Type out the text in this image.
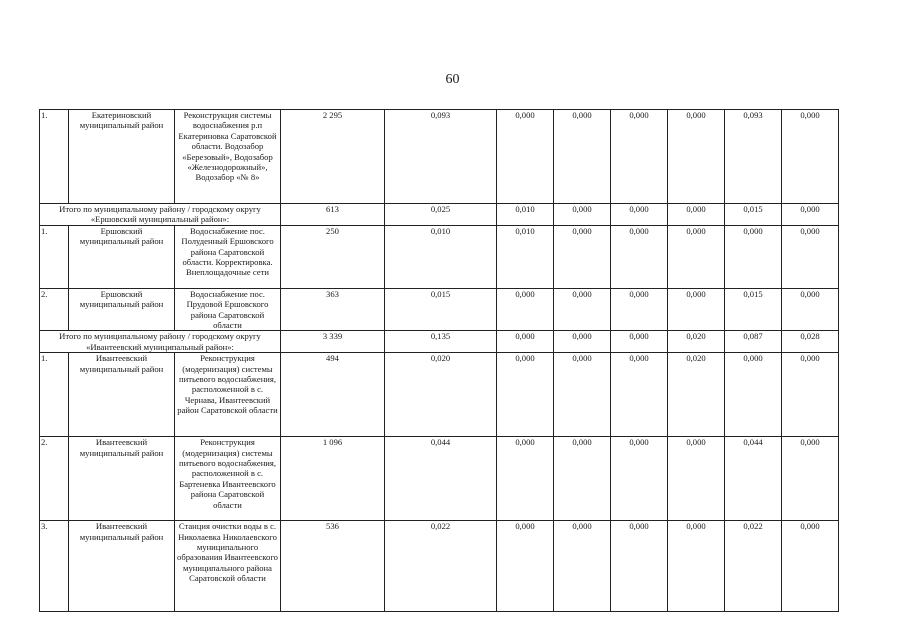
60
1.	Екатериновский муниципальный район	Реконструкция системы водоснабжения р.п Екатериновка Саратовской области. Водозабор «Березовый», Водозабор «Железнодорожный», Водозабор «№ 8»	2 295	0,093	0,000	0,000	0,000	0,000	0,093	0,000
Итого по муниципальному району / городскому округу «Ершовский муниципальный район»:			613	0,025	0,010	0,000	0,000	0,000	0,015	0,000
1.	Ершовский муниципальный район	Водоснабжение пос. Полуденный Ершовского района Саратовской области. Корректировка. Внеплощадочные сети	250	0,010	0,010	0,000	0,000	0,000	0,000	0,000
2.	Ершовский муниципальный район	Водоснабжение пос. Прудовой Ершовского района Саратовской области	363	0,015	0,000	0,000	0,000	0,000	0,015	0,000
Итого по муниципальному району / городскому округу «Ивантеевский муниципальный район»:			3 339	0,135	0,000	0,000	0,000	0,020	0,087	0,028
1.	Ивантеевский муниципальный район	Реконструкция (модернизация) системы питьевого водоснабжения, расположенной в с. Чернава, Ивантеевский район Саратовской области	494	0,020	0,000	0,000	0,000	0,020	0,000	0,000
2.	Ивантеевский муниципальный район	Реконструкция (модернизация) системы питьевого водоснабжения, расположенной в с. Бартеневка Ивантеевского района Саратовской области	1 096	0,044	0,000	0,000	0,000	0,000	0,044	0,000
3.	Ивантеевский муниципальный район	Станция очистки воды в с. Николаевка Николаевского муниципального образования Ивантеевского муниципального района Саратовской области	536	0,022	0,000	0,000	0,000	0,000	0,022	0,000
